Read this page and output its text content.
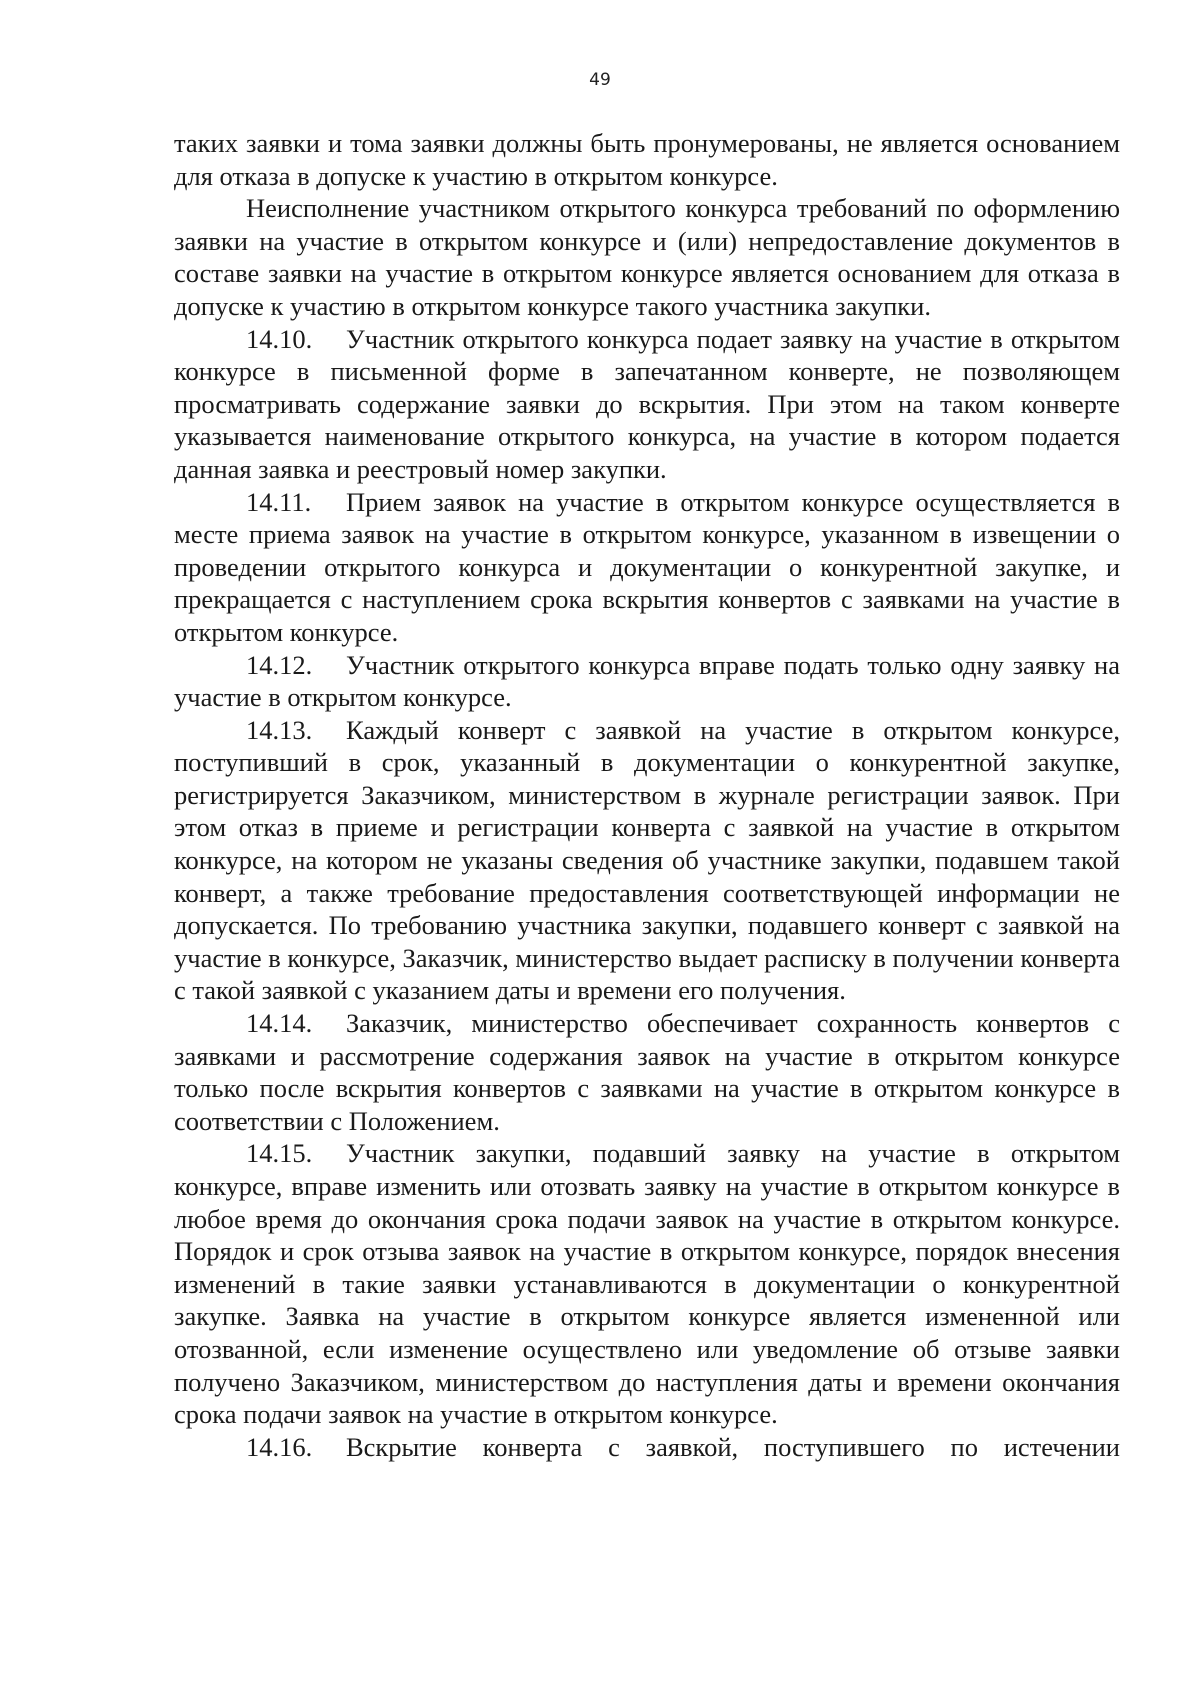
49

таких заявки и тома заявки должны быть пронумерованы, не является основанием для отказа в допуске к участию в открытом конкурсе.

Неисполнение участником открытого конкурса требований по оформлению заявки на участие в открытом конкурсе и (или) непредоставление документов в составе заявки на участие в открытом конкурсе является основанием для отказа в допуске к участию в открытом конкурсе такого участника закупки.

14.10. Участник открытого конкурса подает заявку на участие в открытом конкурсе в письменной форме в запечатанном конверте, не позволяющем просматривать содержание заявки до вскрытия. При этом на таком конверте указывается наименование открытого конкурса, на участие в котором подается данная заявка и реестровый номер закупки.

14.11. Прием заявок на участие в открытом конкурсе осуществляется в месте приема заявок на участие в открытом конкурсе, указанном в извещении о проведении открытого конкурса и документации о конкурентной закупке, и прекращается с наступлением срока вскрытия конвертов с заявками на участие в открытом конкурсе.

14.12. Участник открытого конкурса вправе подать только одну заявку на участие в открытом конкурсе.

14.13. Каждый конверт с заявкой на участие в открытом конкурсе, поступивший в срок, указанный в документации о конкурентной закупке, регистрируется Заказчиком, министерством в журнале регистрации заявок. При этом отказ в приеме и регистрации конверта с заявкой на участие в открытом конкурсе, на котором не указаны сведения об участнике закупки, подавшем такой конверт, а также требование предоставления соответствующей информации не допускается. По требованию участника закупки, подавшего конверт с заявкой на участие в конкурсе, Заказчик, министерство выдает расписку в получении конверта с такой заявкой с указанием даты и времени его получения.

14.14. Заказчик, министерство обеспечивает сохранность конвертов с заявками и рассмотрение содержания заявок на участие в открытом конкурсе только после вскрытия конвертов с заявками на участие в открытом конкурсе в соответствии с Положением.

14.15. Участник закупки, подавший заявку на участие в открытом конкурсе, вправе изменить или отозвать заявку на участие в открытом конкурсе в любое время до окончания срока подачи заявок на участие в открытом конкурсе. Порядок и срок отзыва заявок на участие в открытом конкурсе, порядок внесения изменений в такие заявки устанавливаются в документации о конкурентной закупке. Заявка на участие в открытом конкурсе является измененной или отозванной, если изменение осуществлено или уведомление об отзыве заявки получено Заказчиком, министерством до наступления даты и времени окончания срока подачи заявок на участие в открытом конкурсе.

14.16. Вскрытие конверта с заявкой, поступившего по истечении
